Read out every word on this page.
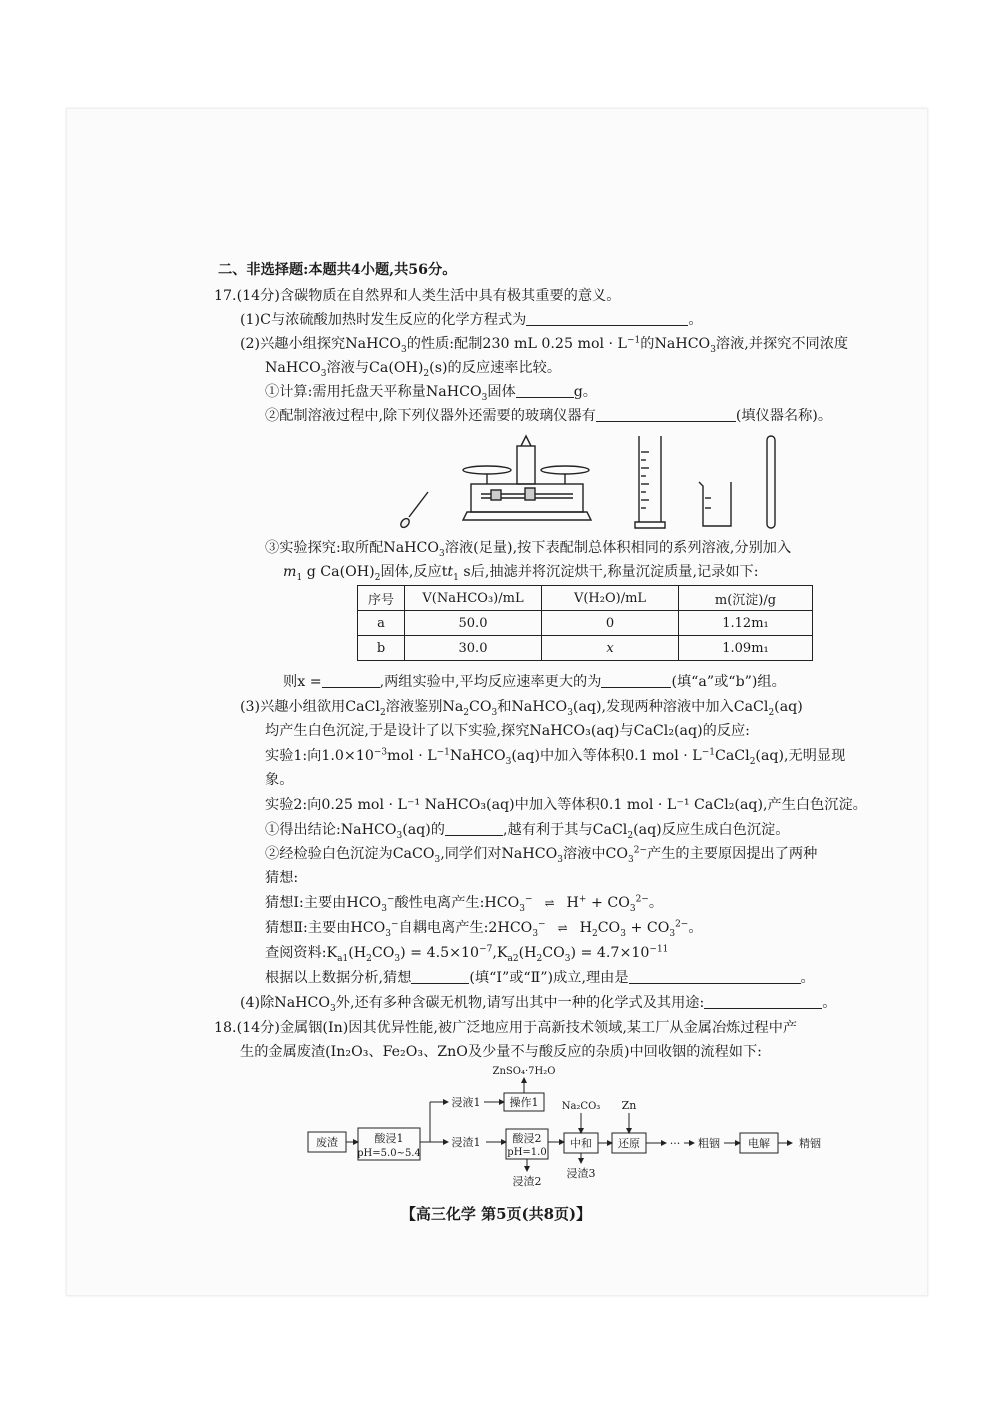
二、非选择题:本题共4小题,共56分。
17.(14分)含碳物质在自然界和人类生活中具有极其重要的意义。
(1)C与浓硫酸加热时发生反应的化学方程式为	。
(2)兴趣小组探究NaHCO$_3$的性质:配制230 mL 0.25 mol · $L^{-1}$的NaHCO$_3$溶液,并探究不同浓度
NaHCO$_3$溶液与$Ca(OH)_2(s)$的反应速率比较。
①计算:需用托盘天平称量NaHCO$_3$固体	g。
②配制溶液过程中,除下列仪器外还需要的玻璃仪器有	(填仪器名称)。
③实验探究:取所配NaHCO$_3$溶液(足量),按下表配制总体积相同的系列溶液,分别加入
$m_1$ g $Ca(OH)_2$固体,反应$tt_1$ s后,抽滤并将沉淀烘干,称量沉淀质量,记录如下:
序号	V(NaHCO₃)/mL	V(H₂O)/mL	m(沉淀)/g
a	50.0	0	1.12m₁
b	30.0	x	1.09m₁
则x =	,两组实验中,平均反应速率更大的为	(填“a”或“b”)组。
(3)兴趣小组欲用CaCl$_2$溶液鉴别$Na_2CO_3$和NaHCO$_3$(aq),发现两种溶液中加入CaCl$_2$(aq)
均产生白色沉淀,于是设计了以下实验,探究NaHCO₃(aq)与CaCl₂(aq)的反应:
实验1:向$1.0\times 10^{-3}mol$ · $L^{-1}NaHCO_3(aq)$中加入等体积0.1 mol · $L^{-1}CaCl_2(aq)$,无明显现
象。
实验2:向0.25 mol · L⁻¹ NaHCO₃(aq)中加入等体积0.1 mol · L⁻¹ CaCl₂(aq),产生白色沉淀。
①得出结论:NaHCO$_3$(aq)的	,越有利于其与CaCl$_2$(aq)反应生成白色沉淀。
②经检验白色沉淀为CaCO$_3$,同学们对NaHCO$_3$溶液中$CO_3^{2-}$产生的主要原因提出了两种
猜想:
猜想Ⅰ:主要由$HCO_3^-$酸性电离产生$:HCO_3^-$ ⇌ $H^+ + CO_3^{2-}$。
猜想Ⅱ:主要由$HCO_3^-$自耦电离产生$:2HCO_3^-$ ⇌ $H_2CO_3 + CO_3^{2-}$。
查阅资料$:K_{a1}(H_2CO_3) = 4.5\times 10^{-7},K_{a2}(H_2CO_3) = 4.7\times 10^{-11}$
根据以上数据分析,猜想	(填“Ⅰ”或“Ⅱ”)成立,理由是	。
(4)除NaHCO$_3$外,还有多种含碳无机物,请写出其中一种的化学式及其用途:	。
18.(14分)金属铟(In)因其优异性能,被广泛地应用于高新技术领域,某工厂从金属冶炼过程中产
生的金属废渣(In₂O₃、Fe₂O₃、ZnO及少量不与酸反应的杂质)中回收铟的流程如下:
废渣	酸浸1
pH=5.0~5.4
浸液1
浸渣1
操作1
ZnSO₄·7H₂O
酸浸2
pH=1.0
浸渣2
Na₂CO₃
中和
浸渣3
Zn
还原	··· 粗铟	电解	精铟
【高三化学 第5页(共8页)】
